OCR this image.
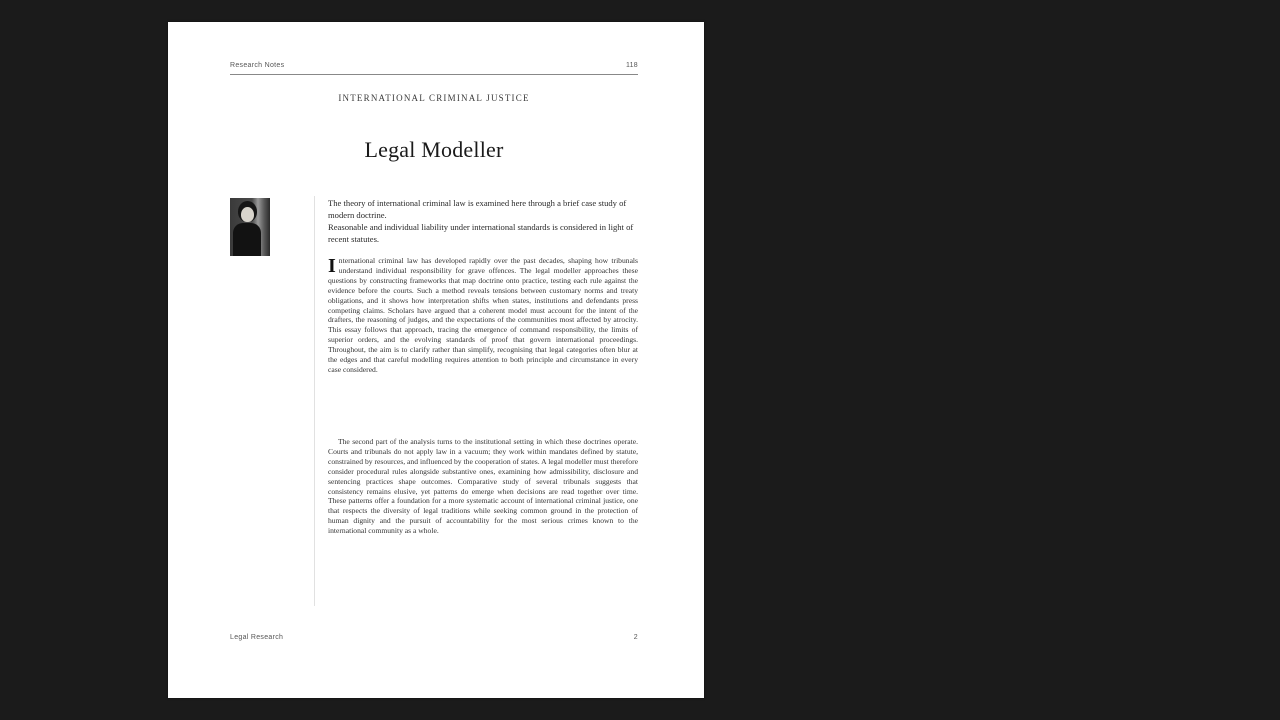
Research Notes	118
INTERNATIONAL CRIMINAL JUSTICE
Legal Modeller

The theory of international criminal law is examined here through a brief case study of modern doctrine.

Reasonable and individual liability under international standards is considered in light of recent statutes.

International criminal law has developed rapidly over the past decades, shaping how tribunals understand individual responsibility for grave offences. The legal modeller approaches these questions by constructing frameworks that map doctrine onto practice, testing each rule against the evidence before the courts. Such a method reveals tensions between customary norms and treaty obligations, and it shows how interpretation shifts when states, institutions and defendants press competing claims. Scholars have argued that a coherent model must account for the intent of the drafters, the reasoning of judges, and the expectations of the communities most affected by atrocity. This essay follows that approach, tracing the emergence of command responsibility, the limits of superior orders, and the evolving standards of proof that govern international proceedings. Throughout, the aim is to clarify rather than simplify, recognising that legal categories often blur at the edges and that careful modelling requires attention to both principle and circumstance in every case considered.

The second part of the analysis turns to the institutional setting in which these doctrines operate. Courts and tribunals do not apply law in a vacuum; they work within mandates defined by statute, constrained by resources, and influenced by the cooperation of states. A legal modeller must therefore consider procedural rules alongside substantive ones, examining how admissibility, disclosure and sentencing practices shape outcomes. Comparative study of several tribunals suggests that consistency remains elusive, yet patterns do emerge when decisions are read together over time. These patterns offer a foundation for a more systematic account of international criminal justice, one that respects the diversity of legal traditions while seeking common ground in the protection of human dignity and the pursuit of accountability for the most serious crimes known to the international community as a whole.

Legal Research	2
